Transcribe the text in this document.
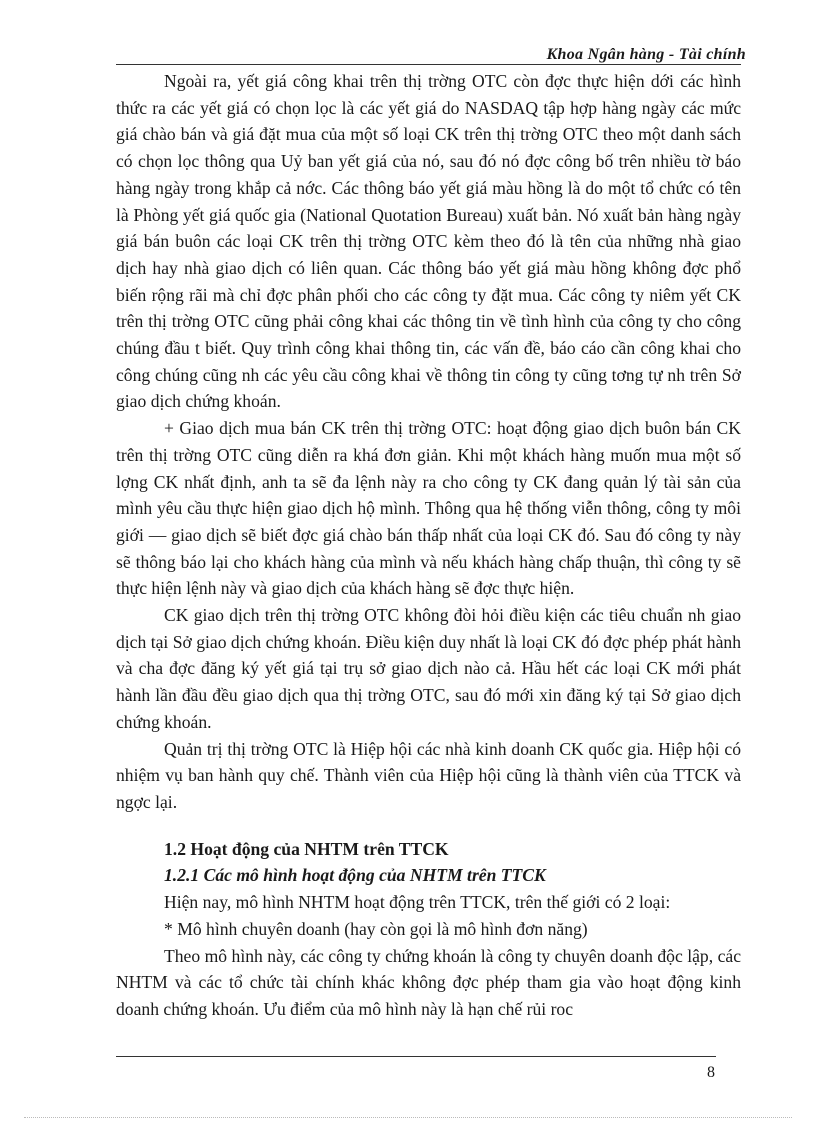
Khoa Ngân hàng - Tài chính

Ngoài ra, yết giá công khai trên thị trờng OTC còn đợc thực hiện dới các hình thức ra các yết giá có chọn lọc là các yết giá do NASDAQ tập hợp hàng ngày các mức giá chào bán và giá đặt mua của một số loại CK trên thị trờng OTC theo một danh sách có chọn lọc thông qua Uỷ ban yết giá của nó, sau đó nó đợc công bố trên nhiều tờ báo hàng ngày trong khắp cả nớc. Các thông báo yết giá màu hồng là do một tổ chức có tên là Phòng yết giá quốc gia (National Quotation Bureau) xuất bản. Nó xuất bản hàng ngày giá bán buôn các loại CK trên thị trờng OTC kèm theo đó là tên của những nhà giao dịch hay nhà giao dịch có liên quan. Các thông báo yết giá màu hồng không đợc phổ biến rộng rãi mà chỉ đợc phân phối cho các công ty đặt mua. Các công ty niêm yết CK trên thị trờng OTC cũng phải công khai các thông tin về tình hình của công ty cho công chúng đầu t biết. Quy trình công khai thông tin, các vấn đề, báo cáo cần công khai cho công chúng cũng nh các yêu cầu công khai về thông tin công ty cũng tơng tự nh trên Sở giao dịch chứng khoán.

+ Giao dịch mua bán CK trên thị trờng OTC: hoạt động giao dịch buôn bán CK trên thị trờng OTC cũng diễn ra khá đơn giản. Khi một khách hàng muốn mua một số lợng CK nhất định, anh ta sẽ đa lệnh này ra cho công ty CK đang quản lý tài sản của mình yêu cầu thực hiện giao dịch hộ mình. Thông qua hệ thống viễn thông, công ty môi giới — giao dịch sẽ biết đợc giá chào bán thấp nhất của loại CK đó. Sau đó công ty này sẽ thông báo lại cho khách hàng của mình và nếu khách hàng chấp thuận, thì công ty sẽ thực hiện lệnh này và giao dịch của khách hàng sẽ đợc thực hiện.

CK giao dịch trên thị trờng OTC không đòi hỏi điều kiện các tiêu chuẩn nh giao dịch tại Sở giao dịch chứng khoán. Điều kiện duy nhất là loại CK đó đợc phép phát hành và cha đợc đăng ký yết giá tại trụ sở giao dịch nào cả. Hầu hết các loại CK mới phát hành lần đầu đều giao dịch qua thị trờng OTC, sau đó mới xin đăng ký tại Sở giao dịch chứng khoán.

Quản trị thị trờng OTC là Hiệp hội các nhà kinh doanh CK quốc gia. Hiệp hội có nhiệm vụ ban hành quy chế. Thành viên của Hiệp hội cũng là thành viên của TTCK và ngợc lại.

1.2 Hoạt động của NHTM trên TTCK

1.2.1 Các mô hình hoạt động của NHTM trên TTCK

Hiện nay, mô hình NHTM hoạt động trên TTCK, trên thế giới có 2 loại:

* Mô hình chuyên doanh (hay còn gọi là mô hình đơn năng)

Theo mô hình này, các công ty chứng khoán là công ty chuyên doanh độc lập, các NHTM và các tổ chức tài chính khác không đợc phép tham gia vào hoạt động kinh doanh chứng khoán. Ưu điểm của mô hình này là hạn chế rủi roc

8
